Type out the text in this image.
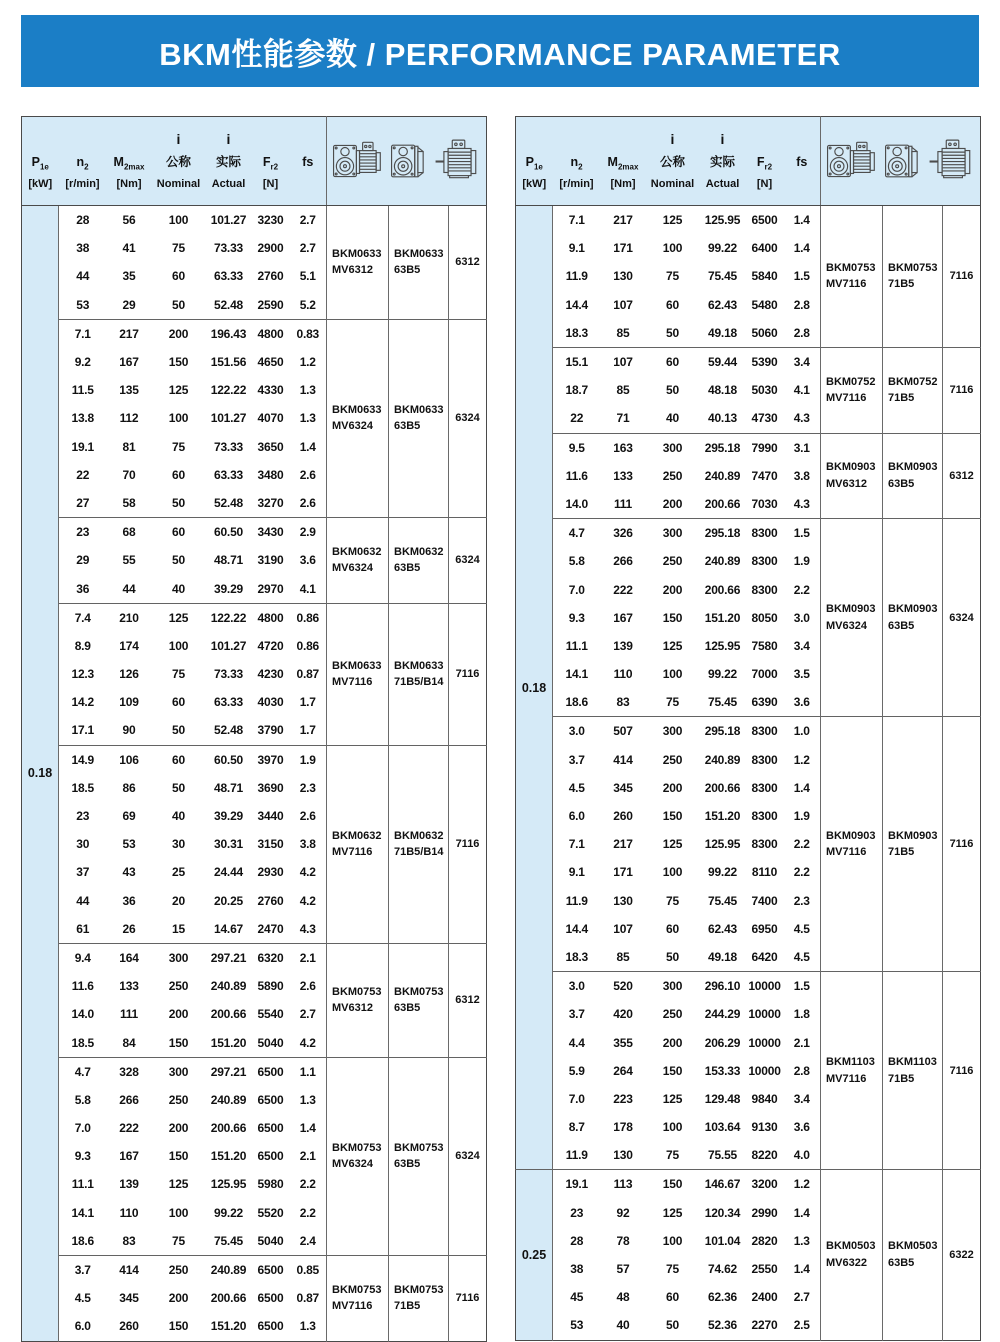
BKM性能参数 / PERFORMANCE PARAMETER
$P_{1e}$
[kW]

$n_2$
[r/min]

$M_{2max}$
[Nm]

i
公称
Nominal

i
实际
Actual

$F_{r2}$
[N]

fs

0.18	28	56	100	101.27	3230	2.7	
BKM0633
MV6312

BKM0633
63B5
	6312
	38	41	75	73.33	2900	2.7			
	44	35	60	63.33	2760	5.1			
	53	29	50	52.48	2590	5.2			
7.1	217	200	196.43	4800	0.83	
BKM0633
MV6324

BKM0633
63B5
	6324
	9.2	167	150	151.56	4650	1.2			
	11.5	135	125	122.22	4330	1.3			
	13.8	112	100	101.27	4070	1.3			
	19.1	81	75	73.33	3650	1.4			
	22	70	60	63.33	3480	2.6			
	27	58	50	52.48	3270	2.6			
23	68	60	60.50	3430	2.9	
BKM0632
MV6324

BKM0632
63B5
	6324
	29	55	50	48.71	3190	3.6			
	36	44	40	39.29	2970	4.1			
7.4	210	125	122.22	4800	0.86	
BKM0633
MV7116

BKM0633
71B5/B14
	7116
	8.9	174	100	101.27	4720	0.86			
	12.3	126	75	73.33	4230	0.87			
	14.2	109	60	63.33	4030	1.7			
	17.1	90	50	52.48	3790	1.7			
14.9	106	60	60.50	3970	1.9	
BKM0632
MV7116

BKM0632
71B5/B14
	7116
	18.5	86	50	48.71	3690	2.3			
	23	69	40	39.29	3440	2.6			
	30	53	30	30.31	3150	3.8			
	37	43	25	24.44	2930	4.2			
	44	36	20	20.25	2760	4.2			
	61	26	15	14.67	2470	4.3			
9.4	164	300	297.21	6320	2.1	
BKM0753
MV6312

BKM0753
63B5
	6312
	11.6	133	250	240.89	5890	2.6			
	14.0	111	200	200.66	5540	2.7			
	18.5	84	150	151.20	5040	4.2			
4.7	328	300	297.21	6500	1.1	
BKM0753
MV6324

BKM0753
63B5
	6324
	5.8	266	250	240.89	6500	1.3			
	7.0	222	200	200.66	6500	1.4			
	9.3	167	150	151.20	6500	2.1			
	11.1	139	125	125.95	5980	2.2			
	14.1	110	100	99.22	5520	2.2			
	18.6	83	75	75.45	5040	2.4			
3.7	414	250	240.89	6500	0.85	
BKM0753
MV7116

BKM0753
71B5
	7116
	4.5	345	200	200.66	6500	0.87			
	6.0	260	150	151.20	6500	1.3			
$P_{1e}$
[kW]

$n_2$
[r/min]

$M_{2max}$
[Nm]

i
公称
Nominal

i
实际
Actual

$F_{r2}$
[N]

fs

0.18	7.1	217	125	125.95	6500	1.4	
BKM0753
MV7116

BKM0753
71B5
	7116
	9.1	171	100	99.22	6400	1.4			
	11.9	130	75	75.45	5840	1.5			
	14.4	107	60	62.43	5480	2.8			
	18.3	85	50	49.18	5060	2.8			
15.1	107	60	59.44	5390	3.4	
BKM0752
MV7116

BKM0752
71B5
	7116
	18.7	85	50	48.18	5030	4.1			
	22	71	40	40.13	4730	4.3			
9.5	163	300	295.18	7990	3.1	
BKM0903
MV6312

BKM0903
63B5
	6312
	11.6	133	250	240.89	7470	3.8			
	14.0	111	200	200.66	7030	4.3			
4.7	326	300	295.18	8300	1.5	
BKM0903
MV6324

BKM0903
63B5
	6324
	5.8	266	250	240.89	8300	1.9			
	7.0	222	200	200.66	8300	2.2			
	9.3	167	150	151.20	8050	3.0			
	11.1	139	125	125.95	7580	3.4			
	14.1	110	100	99.22	7000	3.5			
	18.6	83	75	75.45	6390	3.6			
3.0	507	300	295.18	8300	1.0	
BKM0903
MV7116

BKM0903
71B5
	7116
	3.7	414	250	240.89	8300	1.2			
	4.5	345	200	200.66	8300	1.4			
	6.0	260	150	151.20	8300	1.9			
	7.1	217	125	125.95	8300	2.2			
	9.1	171	100	99.22	8110	2.2			
	11.9	130	75	75.45	7400	2.3			
	14.4	107	60	62.43	6950	4.5			
	18.3	85	50	49.18	6420	4.5			
3.0	520	300	296.10	10000	1.5	
BKM1103
MV7116

BKM1103
71B5
	7116
	3.7	420	250	244.29	10000	1.8			
	4.4	355	200	206.29	10000	2.1			
	5.9	264	150	153.33	10000	2.8			
	7.0	223	125	129.48	9840	3.4			
	8.7	178	100	103.64	9130	3.6			
	11.9	130	75	75.55	8220	4.0			
0.25	19.1	113	150	146.67	3200	1.2	
BKM0503
MV6322

BKM0503
63B5
	6322
	23	92	125	120.34	2990	1.4			
	28	78	100	101.04	2820	1.3			
	38	57	75	74.62	2550	1.4			
	45	48	60	62.36	2400	2.7			
	53	40	50	52.36	2270	2.5			
